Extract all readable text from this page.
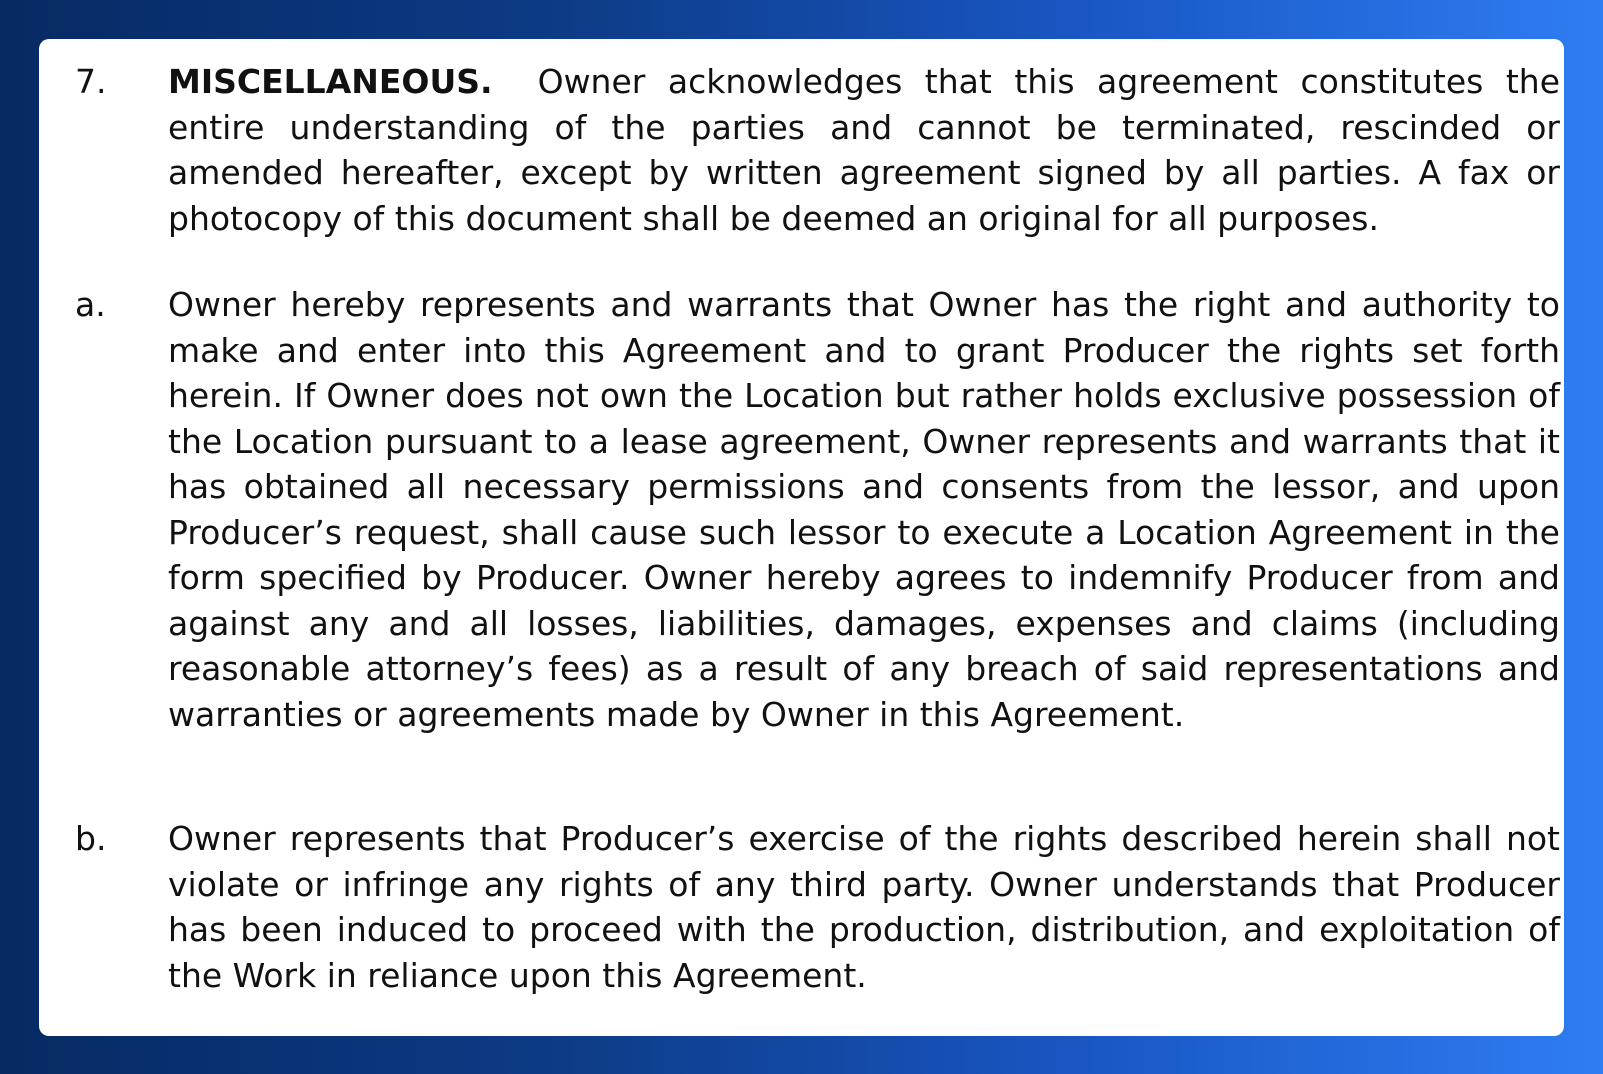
7.	MISCELLANEOUS. Owner acknowledges that this agreement constitutes the entire understanding of the parties and cannot be terminated, rescinded or amended hereafter, except by written agreement signed by all parties. A fax or photocopy of this document shall be deemed an original for all purposes.
a.	Owner hereby represents and warrants that Owner has the right and authority to make and enter into this Agreement and to grant Producer the rights set forth herein. If Owner does not own the Location but rather holds exclusive possession of the Location pursuant to a lease agreement, Owner represents and warrants that it has obtained all necessary permissions and consents from the lessor, and upon Producer’s request, shall cause such lessor to execute a Location Agreement in the form specified by Producer. Owner hereby agrees to indemnify Producer from and against any and all losses, liabilities, damages, expenses and claims (including reasonable attorney’s fees) as a result of any breach of said representations and warranties or agreements made by Owner in this Agreement.
b.	Owner represents that Producer’s exercise of the rights described herein shall not violate or infringe any rights of any third party. Owner understands that Producer has been induced to proceed with the production, distribution, and exploitation of the Work in reliance upon this Agreement.
